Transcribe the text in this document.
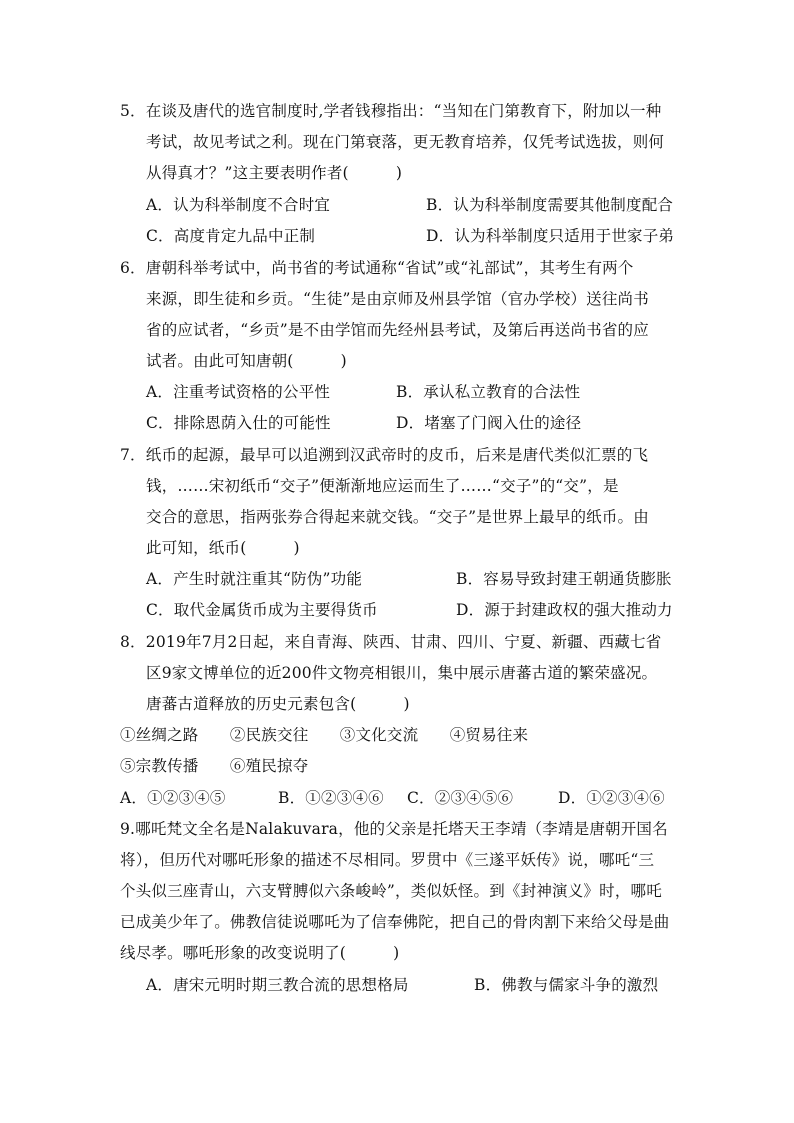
5．在谈及唐代的选官制度时,学者钱穆指出：“当知在门第教育下，附加以一种

考试，故见考试之利。现在门第衰落，更无教育培养，仅凭考试选拔，则何

从得真才？”这主要表明作者(　　　)

A．认为科举制度不合时宜	B．认为科举制度需要其他制度配合

C．高度肯定九品中正制	D．认为科举制度只适用于世家子弟

6．唐朝科举考试中，尚书省的考试通称“省试”或“礼部试”，其考生有两个

来源，即生徒和乡贡。“生徒”是由京师及州县学馆（官办学校）送往尚书

省的应试者，“乡贡”是不由学馆而先经州县考试，及第后再送尚书省的应

试者。由此可知唐朝(　　　)

A．注重考试资格的公平性	B．承认私立教育的合法性

C．排除恩荫入仕的可能性	D．堵塞了门阀入仕的途径

7．纸币的起源，最早可以追溯到汉武帝时的皮币，后来是唐代类似汇票的飞

钱，……宋初纸币“交子”便渐渐地应运而生了……“交子”的“交”，是

交合的意思，指两张券合得起来就交钱。“交子”是世界上最早的纸币。由

此可知，纸币(　　　)

A．产生时就注重其“防伪”功能	B．容易导致封建王朝通货膨胀

C．取代金属货币成为主要得货币	D．源于封建政权的强大推动力

8．2019年7月2日起，来自青海、陕西、甘肃、四川、宁夏、新疆、西藏七省

区9家文博单位的近200件文物亮相银川，集中展示唐蕃古道的繁荣盛况。

唐蕃古道释放的历史元素包含(　　　)

①丝绸之路　　②民族交往　　③文化交流　　④贸易往来

⑤宗教传播　　⑥殖民掠夺

A．①②③④⑤	B．①②③④⑥ C．②③④⑤⑥	D．①②③④⑥

9.哪吒梵文全名是Nalakuvara，他的父亲是托塔天王李靖（李靖是唐朝开国名

将），但历代对哪吒形象的描述不尽相同。罗贯中《三遂平妖传》说，哪吒“三

个头似三座青山，六支臂膊似六条峻岭”，类似妖怪。到《封神演义》时，哪吒

已成美少年了。佛教信徒说哪吒为了信奉佛陀，把自己的骨肉割下来给父母是曲

线尽孝。哪吒形象的改变说明了(　　　)

A．唐宋元明时期三教合流的思想格局	B．佛教与儒家斗争的激烈
